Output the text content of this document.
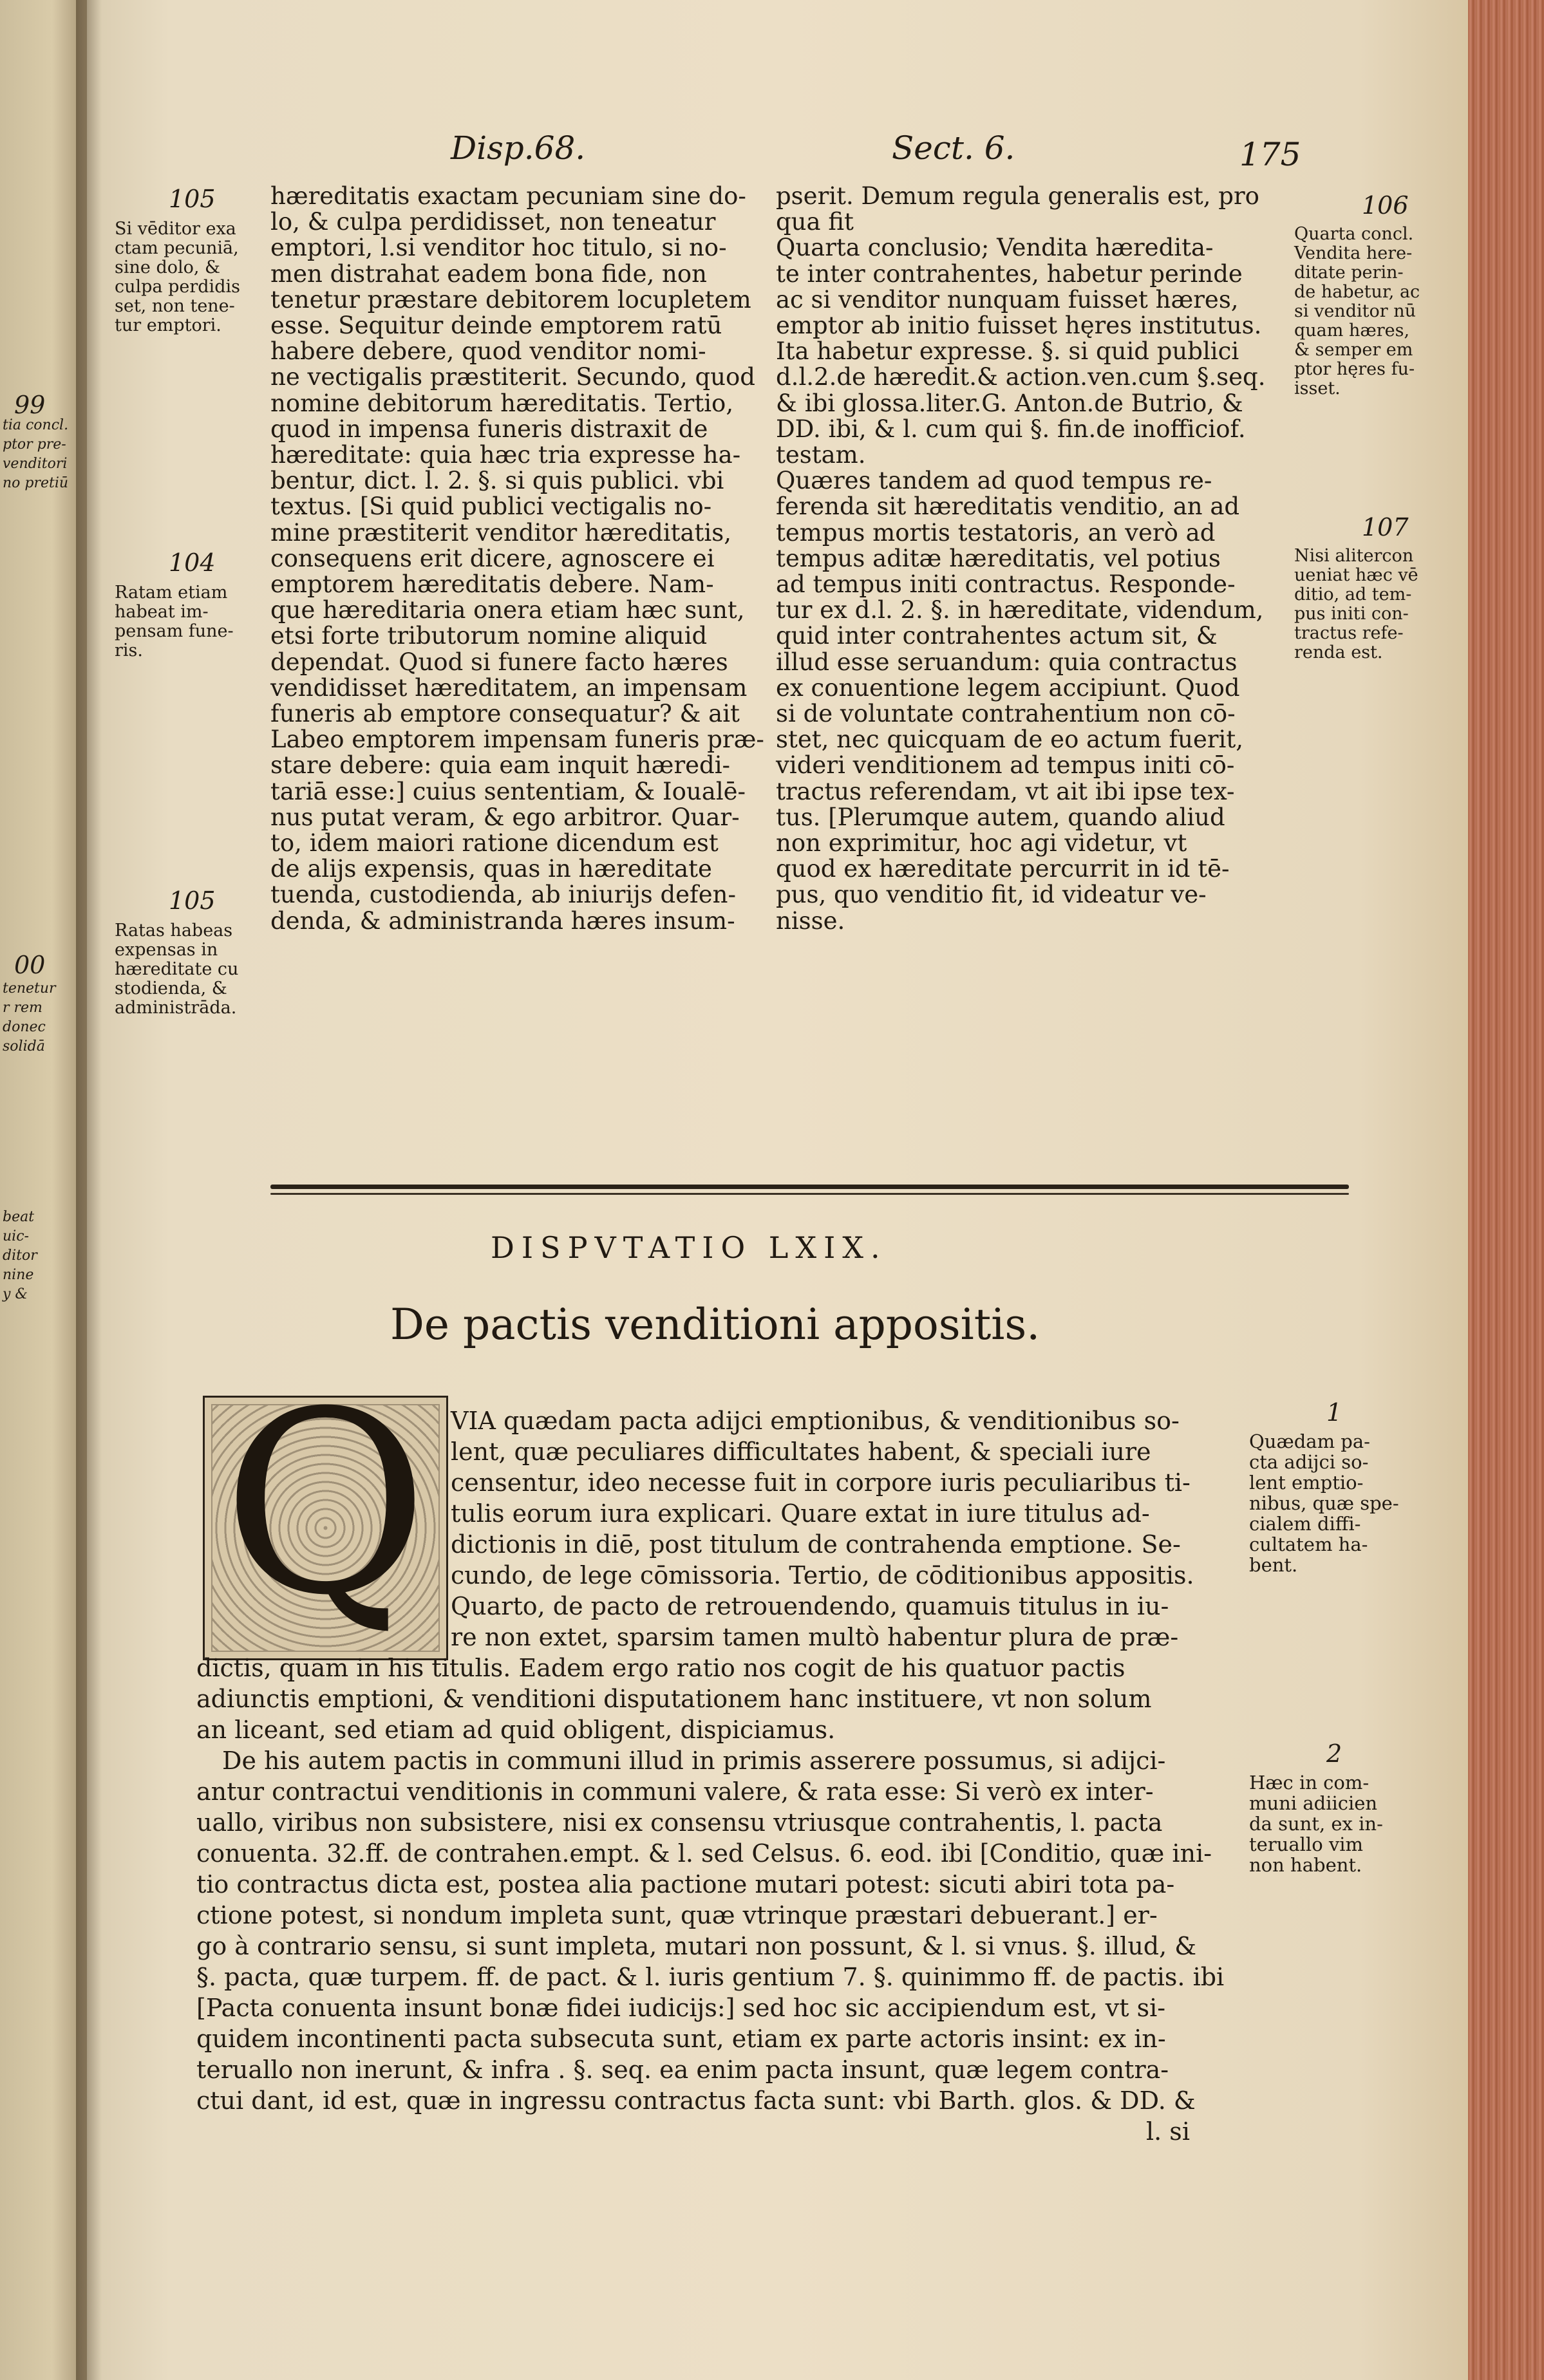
Disp.68.	Sect. 6.	175
DISPVTATIO LXIX.
De pactis venditioni appositis.
Q
hæreditatis exactam pecuniam sine do-
lo, & culpa perdidisset, non teneatur
emptori, l.si venditor hoc titulo, si no-
men distrahat eadem bona fide, non
tenetur præstare debitorem locupletem
esse. Sequitur deinde emptorem ratū
habere debere, quod venditor nomi-
ne vectigalis præstiterit. Secundo, quod
nomine debitorum hæreditatis. Tertio,
quod in impensa funeris distraxit de
hæreditate: quia hæc tria expresse ha-
bentur, dict. l. 2. §. si quis publici. vbi
textus. [Si quid publici vectigalis no-
mine præstiterit venditor hæreditatis,
consequens erit dicere, agnoscere ei
emptorem hæreditatis debere. Nam-
que hæreditaria onera etiam hæc sunt,
etsi forte tributorum nomine aliquid
dependat. Quod si funere facto hæres
vendidisset hæreditatem, an impensam
funeris ab emptore consequatur? & ait
Labeo emptorem impensam funeris præ-
stare debere: quia eam inquit hæredi-
tariā esse:] cuius sententiam, & Ioualē-
nus putat veram, & ego arbitror. Quar-
to, idem maiori ratione dicendum est
de alijs expensis, quas in hæreditate
tuenda, custodienda, ab iniurijs defen-
denda, & administranda hæres insum-
pserit. Demum regula generalis est, pro
qua fit
Quarta conclusio; Vendita hæredita-
te inter contrahentes, habetur perinde
ac si venditor nunquam fuisset hæres,
emptor ab initio fuisset hęres institutus.
Ita habetur expresse. §. si quid publici
d.l.2.de hæredit.& action.ven.cum §.seq.
& ibi glossa.liter.G. Anton.de Butrio, &
DD. ibi, & l. cum qui §. fin.de inofficiof.
testam.
Quæres tandem ad quod tempus re-
ferenda sit hæreditatis venditio, an ad
tempus mortis testatoris, an verò ad
tempus aditæ hæreditatis, vel potius
ad tempus initi contractus. Responde-
tur ex d.l. 2. §. in hæreditate, videndum,
quid inter contrahentes actum sit, &
illud esse seruandum: quia contractus
ex conuentione legem accipiunt. Quod
si de voluntate contrahentium non cō-
stet, nec quicquam de eo actum fuerit,
videri venditionem ad tempus initi cō-
tractus referendam, vt ait ibi ipse tex-
tus. [Plerumque autem, quando aliud
non exprimitur, hoc agi videtur, vt
quod ex hæreditate percurrit in id tē-
pus, quo venditio fit, id videatur ve-
nisse.
105
Si vēditor exa
ctam pecuniā,
sine dolo, &
culpa perdidis
set, non tene-
tur emptori.
104
Ratam etiam
habeat im-
pensam fune-
ris.
105
Ratas habeas
expensas in
hæreditate cu
stodienda, &
administrāda.
106
Quarta concl.
Vendita here-
ditate perin-
de habetur, ac
si venditor nū
quam hæres,
& semper em
ptor hęres fu-
isset.
107
Nisi alitercon
ueniat hæc vē
ditio, ad tem-
pus initi con-
tractus refe-
renda est.
99
tia concl.
ptor pre-
venditori
no pretiū
00
tenetur
r rem
donec
solidā
beat
uic-
ditor
nine
y &
VIA quædam pacta adijci emptionibus, & venditionibus so-
lent, quæ peculiares difficultates habent, & speciali iure
censentur, ideo necesse fuit in corpore iuris peculiaribus ti-
tulis eorum iura explicari. Quare extat in iure titulus ad-
dictionis in diē, post titulum de contrahenda emptione. Se-
cundo, de lege cōmissoria. Tertio, de cōditionibus appositis.
Quarto, de pacto de retrouendendo, quamuis titulus in iu-
re non extet, sparsim tamen multò habentur plura de præ-
dictis, quam in his titulis. Eadem ergo ratio nos cogit de his quatuor pactis
adiunctis emptioni, & venditioni disputationem hanc instituere, vt non solum
an liceant, sed etiam ad quid obligent, dispiciamus.
De his autem pactis in communi illud in primis asserere possumus, si adijci-
antur contractui venditionis in communi valere, & rata esse: Si verò ex inter-
uallo, viribus non subsistere, nisi ex consensu vtriusque contrahentis, l. pacta
conuenta. 32.ff. de contrahen.empt. & l. sed Celsus. 6. eod. ibi [Conditio, quæ ini-
tio contractus dicta est, postea alia pactione mutari potest: sicuti abiri tota pa-
ctione potest, si nondum impleta sunt, quæ vtrinque præstari debuerant.] er-
go à contrario sensu, si sunt impleta, mutari non possunt, & l. si vnus. §. illud, &
§. pacta, quæ turpem. ff. de pact. & l. iuris gentium 7. §. quinimmo ff. de pactis. ibi
[Pacta conuenta insunt bonæ fidei iudicijs:] sed hoc sic accipiendum est, vt si-
quidem incontinenti pacta subsecuta sunt, etiam ex parte actoris insint: ex in-
teruallo non inerunt, & infra . §. seq. ea enim pacta insunt, quæ legem contra-
ctui dant, id est, quæ in ingressu contractus facta sunt: vbi Barth. glos. & DD. &
l. si
1
Quædam pa-
cta adijci so-
lent emptio-
nibus, quæ spe-
cialem diffi-
cultatem ha-
bent.
2
Hæc in com-
muni adiicien
da sunt, ex in-
teruallo vim
non habent.
